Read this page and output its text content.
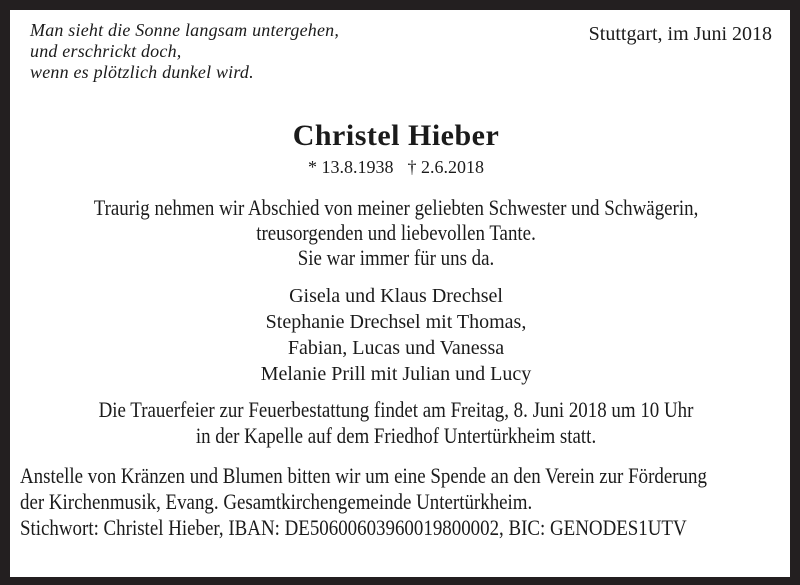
Man sieht die Sonne langsam untergehen,
und erschrickt doch,
wenn es plötzlich dunkel wird.
Stuttgart, im Juni 2018
Christel Hieber
* 13.8.1938 † 2.6.2018
Traurig nehmen wir Abschied von meiner geliebten Schwester und Schwägerin,
treusorgenden und liebevollen Tante.
Sie war immer für uns da.
Gisela und Klaus Drechsel
Stephanie Drechsel mit Thomas,
Fabian, Lucas und Vanessa
Melanie Prill mit Julian und Lucy
Die Trauerfeier zur Feuerbestattung findet am Freitag, 8. Juni 2018 um 10 Uhr
in der Kapelle auf dem Friedhof Untertürkheim statt.
Anstelle von Kränzen und Blumen bitten wir um eine Spende an den Verein zur Förderung
der Kirchenmusik, Evang. Gesamtkirchengemeinde Untertürkheim.
Stichwort: Christel Hieber, IBAN: DE50600603960019800002, BIC: GENODES1UTV
